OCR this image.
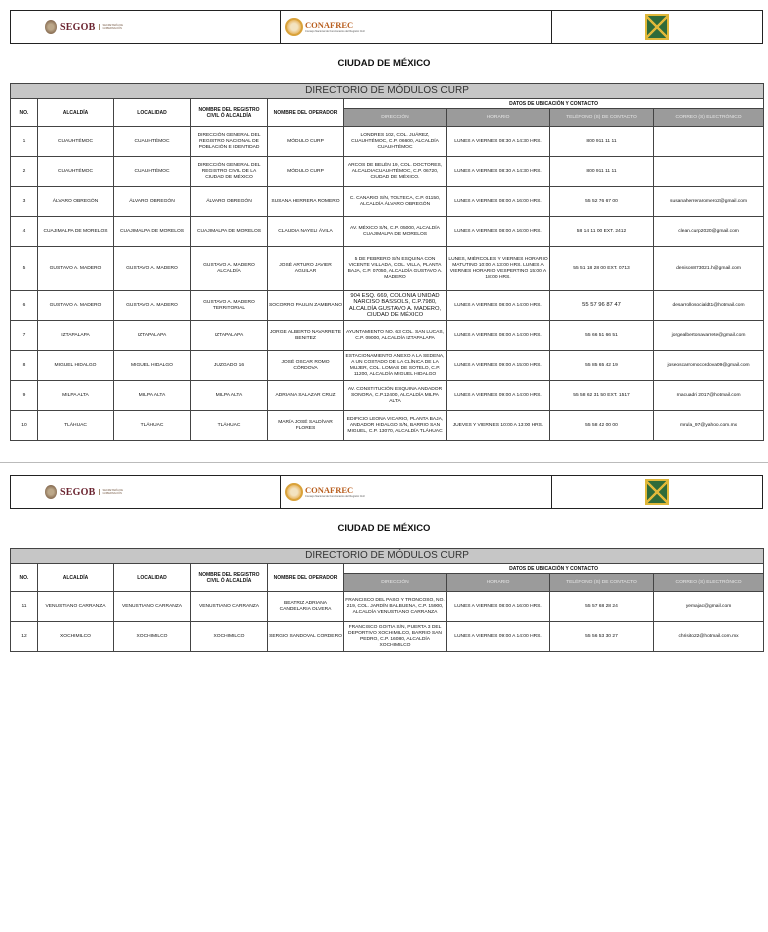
SEGOB	SECRETARÍA DE GOBERNACIÓN	CONAFREC
Consejo Nacional de Funcionarios del Registro Civil
CIUDAD DE MÉXICO
DIRECTORIO DE MÓDULOS CURP								
NO.	ALCALDÍA	LOCALIDAD	NOMBRE DEL REGISTRO CIVIL Ó ALCALDÍA	NOMBRE DEL OPERADOR	DATOS DE UBICACIÓN Y CONTACTO			
					DIRECCIÓN	HORARIO	TELÉFONO (S) DE CONTACTO	CORREO (S) ELECTRÓNICO
1	CUAUHTÉMOC	CUAUHTÉMOC	DIRECCIÓN GENERAL DEL REGISTRO NACIONAL DE POBLACIÓN E IDENTIDAD	MÓDULO CURP	LONDRES 102, COL. JUÁREZ, CUAUHTÉMOC, C.P. 06600, ALCALDÍA CUAUHTÉMOC	LUNES A VIERNES 08:30 A 14:30 HRS.	800 911 11 11	
2	CUAUHTÉMOC	CUAUHTÉMOC	DIRECCIÓN GENERAL DEL REGISTRO CIVIL DE LA CIUDAD DE MÉXICO	MÓDULO CURP	ARCOS DE BELÉN 19, COL. DOCTORES, ALCALDIACUAUHTÉMOC, C.P. 06720, CIUDAD DE MÉXICO.	LUNES A VIERNES 08:30 A 14:30 HRS.	800 911 11 11	
3	ÁLVARO OBREGÓN	ÁLVARO OBREGÓN	ÁLVARO OBREGÓN	SUSANA HERRERA ROMERO	C. CANARIO S/N, TOLTECA, C.P. 01150, ALCALDÍA ÁLVARO OBREGÓN	LUNES A VIERNES 08:00 A 16:00 HRS.	55 52 76 67 00	susanaherreraromero2@gmail.com
4	CUAJIMALPA DE MORELOS	CUAJIMALPA DE MORELOS	CUAJIMALPA DE MORELOS	CLAUDIA NAYELI ÁVILA	AV. MÉXICO S/N, C.P. 05000, ALCALDÍA CUAJIMALPA DE MORELOS	LUNES A VIERNES 08:00 A 16:00 HRS.	58 14 11 00 EXT. 2412	clean.curp2020@gmail.com
5	GUSTAVO A. MADERO	GUSTAVO A. MADERO	GUSTAVO A. MADERO ALCALDÍA	JOSÉ ARTURO JAVIER AGUILAR	5 DE FEBRERO S/N ESQUINA CON VICENTE VILLADA, COL. VILLA, PLANTA BAJA, C.P. 07050, ALCALDÍA GUSTAVO A. MADERO	LUNES, MIÉRCOLES Y VIERNES HORARIO MATUTINO 10:00 A 13:00 HRS. LUNES A VIERNES HORARIO VESPERTINO 15:00 A 18:00 HRS.	55 51 18 28 00 EXT. 0713	denison873021.h@gmail.com
6	GUSTAVO A. MADERO	GUSTAVO A. MADERO	GUSTAVO A. MADERO TERRITORIAL	SOCORRO PAULIN ZAMBRANO	904 ESQ. 669, COLONIA UNIDAD NARCISO BASSOLS, C.P.7980, ALCALDÍA GUSTAVO A. MADERO, CIUDAD DE MÉXICO	LUNES A VIERNES 08:00 A 14:00 HRS.	55 57 96 87 47	desarrollosocialdt1@hotmail.com
7	IZTAPALAPA	IZTAPALAPA	IZTAPALAPA	JORGE ALBERTO NAVARRETE BENITEZ	AYUNTAMIENTO NO. 63 COL. SAN LUCAS, C.P. 09000, ALCALDÍA IZTAPALAPA	LUNES A VIERNES 08:00 A 14:00 HRS.	55 66 51 66 51	jorgealbertonavarrete@gmail.com
8	MIGUEL HIDALGO	MIGUEL HIDALGO	JUZGADO 16	JOSÉ OSCAR ROMO CÓRDOVA	ESTACIONAMIENTO ANEXO A LA SEDENA, A UN COSTADO DE LA CLÍNICA DE LA MUJER, COL. LOMAS DE SOTELO, C.P. 11200, ALCALDÍA MIGUEL HIDALGO	LUNES A VIERNES 09:00 A 15:00 HRS.	55 85 65 42 19	joseoscarromocordova09@gmail.com
9	MILPA ALTA	MILPA ALTA	MILPA ALTA	ADRIANA SALAZAR CRUZ	AV. CONSTITUCIÓN ESQUINA ANDADOR SONORA, C.P.12400, ALCALDÍA MILPA ALTA	LUNES A VIERNES 09:00 A 14:00 HRS.	55 58 62 31 50 EXT. 1517	rnacuadri 2017@hotmail.com
10	TLÁHUAC	TLÁHUAC	TLÁHUAC	MARÍA JOSÉ SALDÍVAR FLORES	EDIFICIO LEONA VICARIO, PLANTA BAJA, ANDADOR HIDALGO S/N, BARRIO SAN MIGUEL, C.P. 13070, ALCALDÍA TLÁHUAC	JUEVES Y VIERNES 10:00 A 13:00 HRS.	55 58 42 00 00	mrula_97@yahoo.com.mx
SEGOB	SECRETARÍA DE GOBERNACIÓN	CONAFREC
Consejo Nacional de Funcionarios del Registro Civil
CIUDAD DE MÉXICO
DIRECTORIO DE MÓDULOS CURP								
NO.	ALCALDÍA	LOCALIDAD	NOMBRE DEL REGISTRO CIVIL Ó ALCALDÍA	NOMBRE DEL OPERADOR	DATOS DE UBICACIÓN Y CONTACTO			
					DIRECCIÓN	HORARIO	TELÉFONO (S) DE CONTACTO	CORREO (S) ELECTRÓNICO
11	VENUSTIANO CARRANZA	VENUSTIANO CARRANZA	VENUSTIANO CARRANZA	BEATRIZ ADRIANA CANDELARIA OLVERA	FRANCISCO DEL PASO Y TRONCOSO, NO. 219, COL. JARDÍN BALBUENA, C.P. 15900, ALCALDÍA VENUSTIANO CARRANZA	LUNES A VIERNES 08:00 A 16:00 HRS.	55 57 68 28 24	yemajac@gmail.com
12	XOCHIMILCO	XOCHIMILCO	XOCHIMILCO	SERGIO SANDOVAL CORDERO	FRANCISCO GOITIA S/N, PUERTA 3 DEL DEPORTIVO XOCHIMILCO, BARRIO SAN PEDRO, C.P. 16080, ALCALDÍA XOCHIMILCO	LUNES A VIERNES 09:00 A 14:00 HRS.	55 56 53 30 27	chrisito22@hotmail.com.mx
